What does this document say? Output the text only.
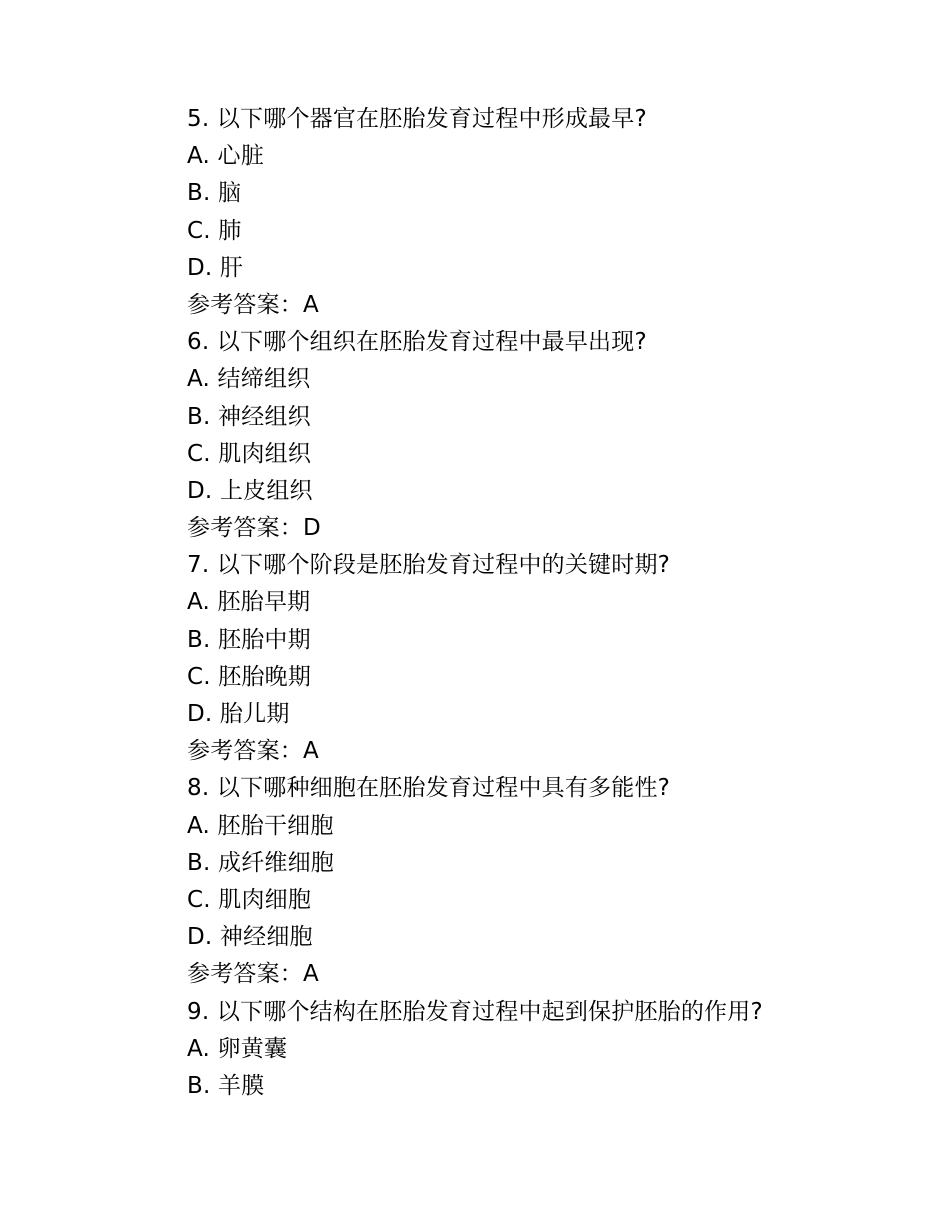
5. 以下哪个器官在胚胎发育过程中形成最早?
A. 心脏
B. 脑
C. 肺
D. 肝
参考答案：A
6. 以下哪个组织在胚胎发育过程中最早出现?
A. 结缔组织
B. 神经组织
C. 肌肉组织
D. 上皮组织
参考答案：D
7. 以下哪个阶段是胚胎发育过程中的关键时期?
A. 胚胎早期
B. 胚胎中期
C. 胚胎晚期
D. 胎儿期
参考答案：A
8. 以下哪种细胞在胚胎发育过程中具有多能性?
A. 胚胎干细胞
B. 成纤维细胞
C. 肌肉细胞
D. 神经细胞
参考答案：A
9. 以下哪个结构在胚胎发育过程中起到保护胚胎的作用?
A. 卵黄囊
B. 羊膜
